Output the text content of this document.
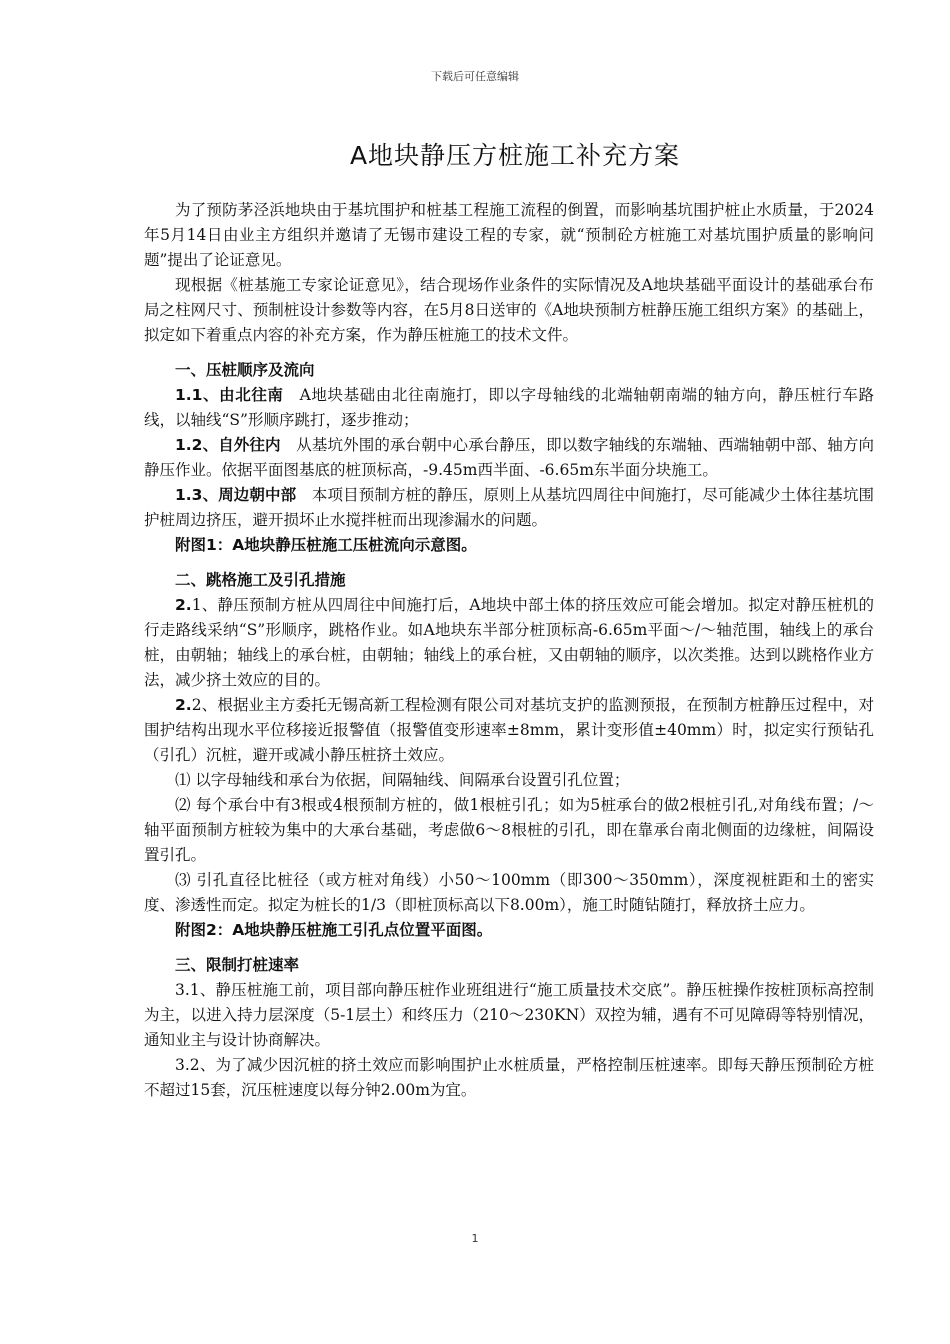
下载后可任意编辑
A地块静压方桩施工补充方案

为了预防茅泾浜地块由于基坑围护和桩基工程施工流程的倒置，而影响基坑围护桩止水质量，于2024年5月14日由业主方组织并邀请了无锡市建设工程的专家，就“预制砼方桩施工对基坑围护质量的影响问题”提出了论证意见。

现根据《桩基施工专家论证意见》，结合现场作业条件的实际情况及A地块基础平面设计的基础承台布局之柱网尺寸、预制桩设计参数等内容，在5月8日送审的《A地块预制方桩静压施工组织方案》的基础上，拟定如下着重点内容的补充方案，作为静压桩施工的技术文件。

一、压桩顺序及流向

1.1、由北往南　A地块基础由北往南施打，即以字母轴线的北端轴朝南端的轴方向，静压桩行车路线，以轴线“S”形顺序跳打，逐步推动；

1.2、自外往内　从基坑外围的承台朝中心承台静压，即以数字轴线的东端轴、西端轴朝中部、轴方向静压作业。依据平面图基底的桩顶标高，-9.45m西半面、-6.65m东半面分块施工。

1.3、周边朝中部　本项目预制方桩的静压，原则上从基坑四周往中间施打，尽可能减少土体往基坑围护桩周边挤压，避开损坏止水搅拌桩而出现渗漏水的问题。

附图1：A地块静压桩施工压桩流向示意图。

二、跳格施工及引孔措施

2.1、静压预制方桩从四周往中间施打后，A地块中部土体的挤压效应可能会增加。拟定对静压桩机的行走路线采纳“S”形顺序，跳格作业。如A地块东半部分桩顶标高-6.65m平面～/～轴范围，轴线上的承台桩，由朝轴；轴线上的承台桩，由朝轴；轴线上的承台桩，又由朝轴的顺序，以次类推。达到以跳格作业方法，减少挤土效应的目的。

2.2、根据业主方委托无锡高新工程检测有限公司对基坑支护的监测预报，在预制方桩静压过程中，对围护结构出现水平位移接近报警值（报警值变形速率±8mm，累计变形值±40mm）时，拟定实行预钻孔（引孔）沉桩，避开或减小静压桩挤土效应。

⑴ 以字母轴线和承台为依据，间隔轴线、间隔承台设置引孔位置；

⑵ 每个承台中有3根或4根预制方桩的，做1根桩引孔；如为5桩承台的做2根桩引孔,对角线布置；/～轴平面预制方桩较为集中的大承台基础，考虑做6～8根桩的引孔，即在靠承台南北侧面的边缘桩，间隔设置引孔。

⑶ 引孔直径比桩径（或方桩对角线）小50～100mm（即300～350mm），深度视桩距和土的密实度、渗透性而定。拟定为桩长的1/3（即桩顶标高以下8.00m），施工时随钻随打，释放挤土应力。

附图2：A地块静压桩施工引孔点位置平面图。

三、限制打桩速率

3.1、静压桩施工前，项目部向静压桩作业班组进行“施工质量技术交底”。静压桩操作按桩顶标高控制为主，以进入持力层深度（5-1层土）和终压力（210～230KN）双控为辅，遇有不可见障碍等特别情况，通知业主与设计协商解决。

3.2、为了减少因沉桩的挤土效应而影响围护止水桩质量，严格控制压桩速率。即每天静压预制砼方桩不超过15套，沉压桩速度以每分钟2.00m为宜。

1
